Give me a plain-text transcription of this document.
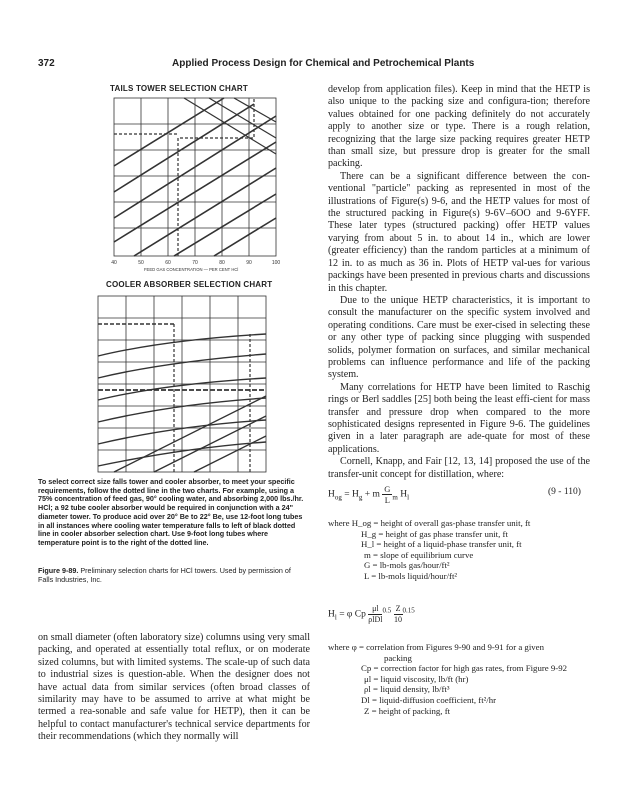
372	Applied Process Design for Chemical and Petrochemical Plants
TAILS TOWER SELECTION CHART
40	50	60	70	80	90	100
FEED GAS CONCENTRATION — PER CENT HCl
COOLER ABSORBER SELECTION CHART
To select correct size falls tower and cooler absorber, to meet your specific requirements, follow the dotted line in the two charts. For example, using a 75% concentration of feed gas, 90° cooling water, and absorbing 2,000 lbs./hr. HCl; a 92 tube cooler absorber would be required in conjunction with a 24" diameter tower. To produce acid over 20° Be to 22° Be, use 12-foot long tubes in all instances where cooling water temperature falls to left of black dotted line in cooler absorber selection chart. Use 9-foot long tubes where temperature point is to the right of the dotted line.

Figure 9-89. Preliminary selection charts for HCl towers. Used by permission of Falls Industries, Inc.

on small diameter (often laboratory size) columns using very small packing, and operated at essentially total reflux, or on moderate sized columns, but with limited systems. The scale-up of such data to industrial sizes is question-able. When the designer does not have actual data from similar services (often broad classes of similarity may have to be assumed to arrive at what might be termed a rea-sonable and safe value for HETP), then it can be helpful to contact manufacturer's technical service departments for their recommendations (which they normally will

develop from application files). Keep in mind that the HETP is also unique to the packing size and configura-tion; therefore values obtained for one packing definitely do not accurately apply to another size or type. There is a rough relation, recognizing that the large size packing requires greater HETP than small size, but pressure drop is greater for the small packing.

There can be a significant difference between the con-ventional "particle" packing as represented in most of the illustrations of Figure(s) 9-6, and the HETP values for most of the structured packing in Figure(s) 9-6V–6OO and 9-6YFF. These later types (structured packing) offer HETP values varying from about 5 in. to about 14 in., which are lower (greater efficiency) than the random particles at a minimum of 12 in. to as much as 36 in. Plots of HETP val-ues for various packings have been presented in previous charts and discussions in this chapter.

Due to the unique HETP characteristics, it is important to consult the manufacturer on the specific system involved and operating conditions. Care must be exer-cised in selecting these or any other type of packing since plugging with suspended solids, polymer formation on surfaces, and similar mechanical problems can influence performance and life of the packing system.

Many correlations for HETP have been limited to Raschig rings or Berl saddles [25] both being the least effi-cient for mass transfer and pressure drop when compared to the more sophisticated designs represented in Figure 9-6. The guidelines given in a later paragraph are ade-quate for most of these applications.

Cornell, Knapp, and Fair [12, 13, 14] proposed the use of the transfer-unit concept for distillation, where:

$H_{og} = H_g + m \frac{G}{L} _m$ $H_l$
(9 - 110)
where H_og = height of overall gas-phase transfer unit, ft
H_g = height of gas phase transfer unit, ft
H_l = height of a liquid-phase transfer unit, ft
m = slope of equilibrium curve
G = lb-mols gas/hour/ft²
L = lb-mols liquid/hour/ft²
$H_l = \varphi$ Cp
μl
ρlDl
$^{0.5} \frac{Z}{10} ^{0.15}$
where φ = correlation from Figures 9-90 and 9-91 for a given
packing
Cp = correction factor for high gas rates, from Figure 9-92
μl = liquid viscosity, lb/ft (hr)
ρl = liquid density, lb/ft³
Dl = liquid-diffusion coefficient, ft²/hr
Z = height of packing, ft
